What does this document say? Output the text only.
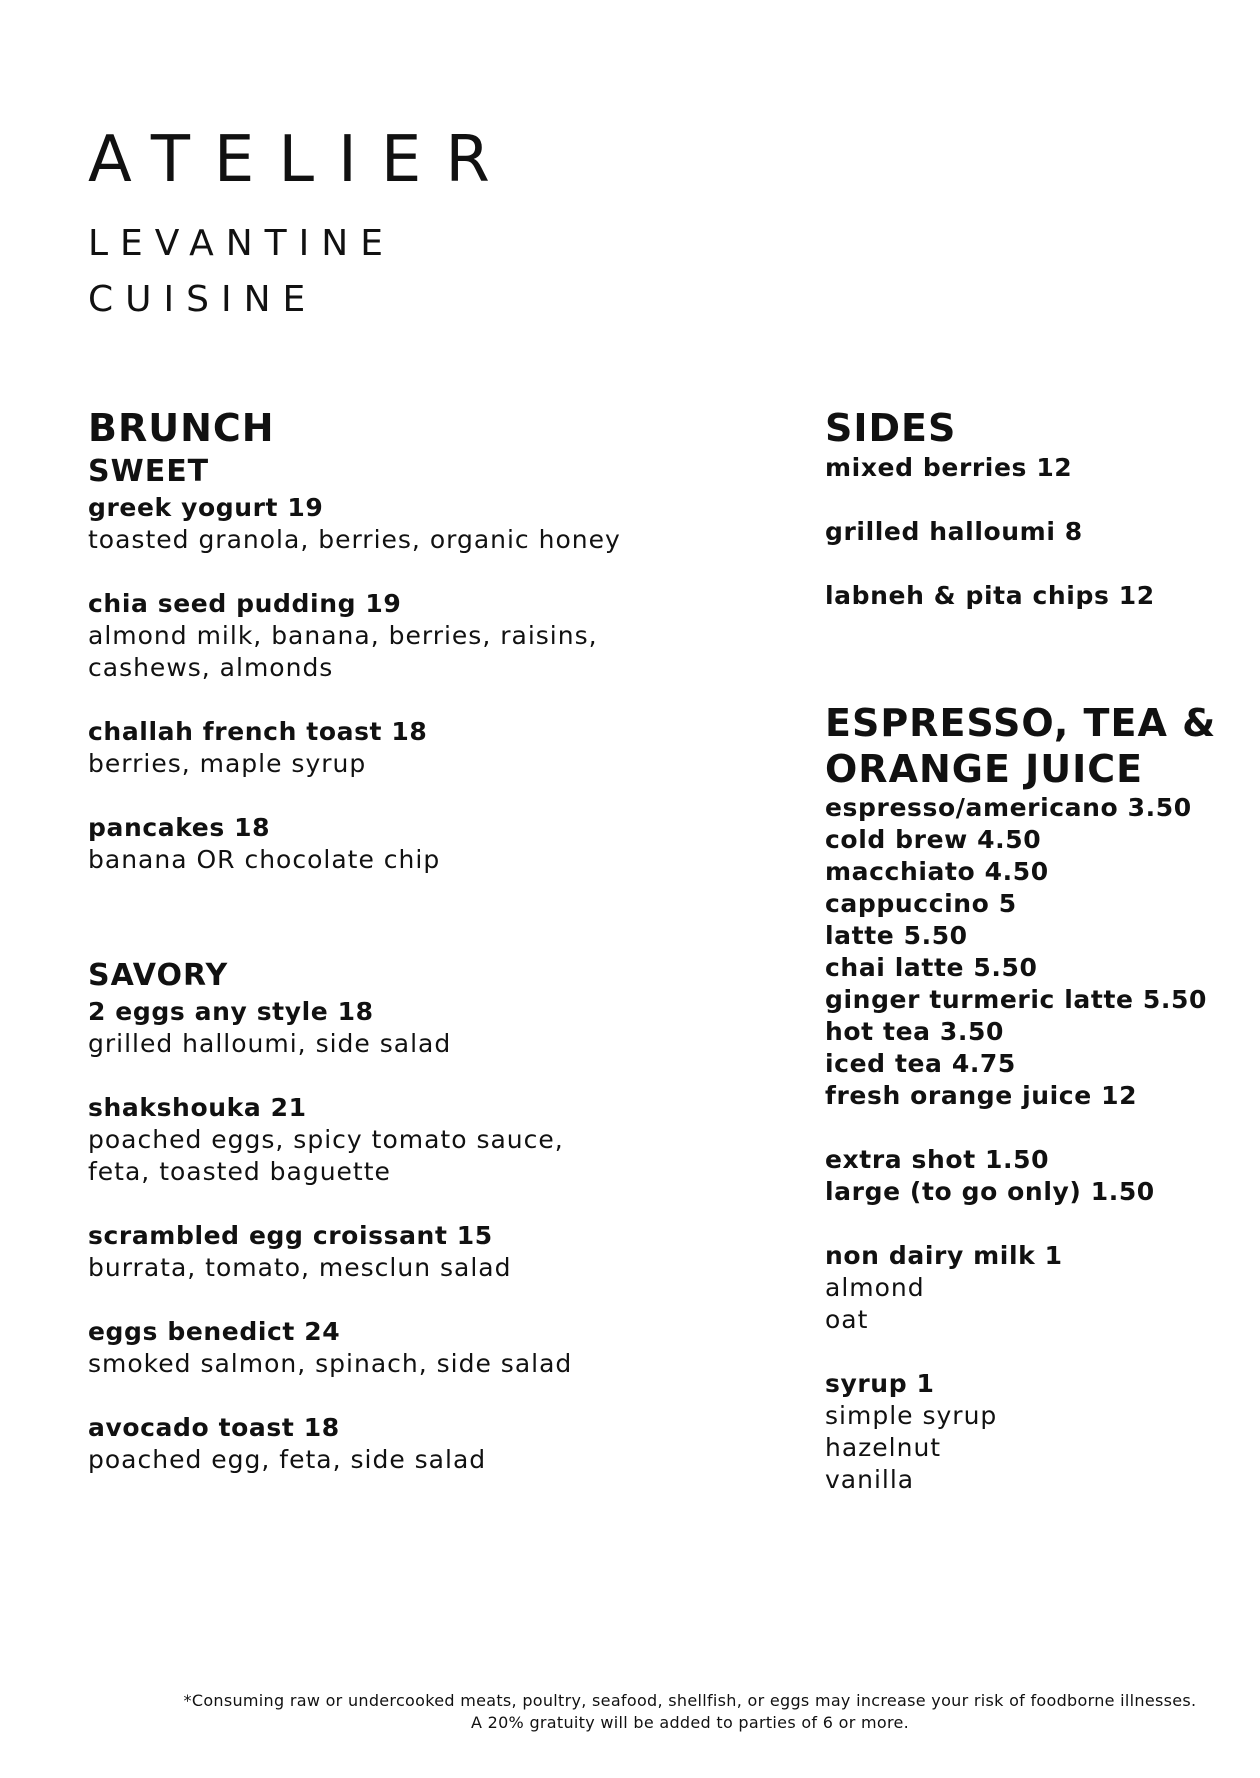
ATELIER
LEVANTINE
CUISINE
BRUNCH
SWEET
greek yogurt 19
toasted granola, berries, organic honey
chia seed pudding 19
almond milk, banana, berries, raisins,
cashews, almonds
challah french toast 18
berries, maple syrup
pancakes 18
banana OR chocolate chip
SAVORY
2 eggs any style 18
grilled halloumi, side salad
shakshouka 21
poached eggs, spicy tomato sauce,
feta, toasted baguette
scrambled egg croissant 15
burrata, tomato, mesclun salad
eggs benedict 24
smoked salmon, spinach, side salad
avocado toast 18
poached egg, feta, side salad
SIDES
mixed berries 12
grilled halloumi 8
labneh & pita chips 12
ESPRESSO, TEA &
ORANGE JUICE
espresso/americano 3.50
cold brew 4.50
macchiato 4.50
cappuccino 5
latte 5.50
chai latte 5.50
ginger turmeric latte 5.50
hot tea 3.50
iced tea 4.75
fresh orange juice 12
extra shot 1.50
large (to go only) 1.50
non dairy milk 1
almond
oat
syrup 1
simple syrup
hazelnut
vanilla
*Consuming raw or undercooked meats, poultry, seafood, shellfish, or eggs may increase your risk of foodborne illnesses.
A 20% gratuity will be added to parties of 6 or more.
